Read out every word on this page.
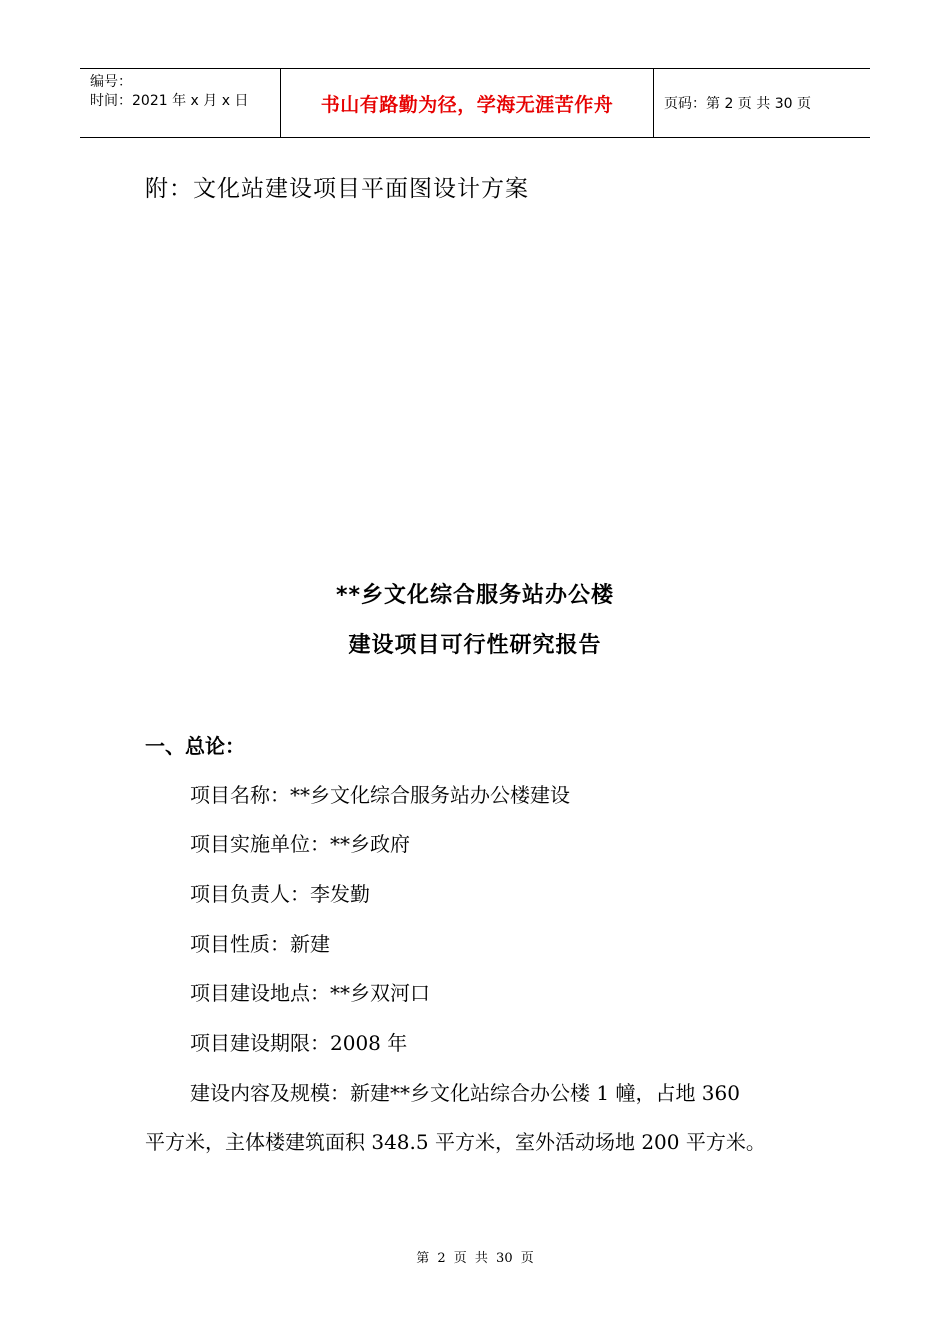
编号：
时间：2021 年 x 月 x 日	书山有路勤为径，学海无涯苦作舟	页码：第 2 页 共 30 页
附：文化站建设项目平面图设计方案
**乡文化综合服务站办公楼
建设项目可行性研究报告
一、总论：
项目名称：**乡文化综合服务站办公楼建设
项目实施单位：**乡政府
项目负责人：李发勤
项目性质：新建
项目建设地点：**乡双河口
项目建设期限：2008 年
建设内容及规模：新建**乡文化站综合办公楼 1 幢，占地 360
平方米，主体楼建筑面积 348.5 平方米，室外活动场地 200 平方米。
第 2 页 共 30 页
